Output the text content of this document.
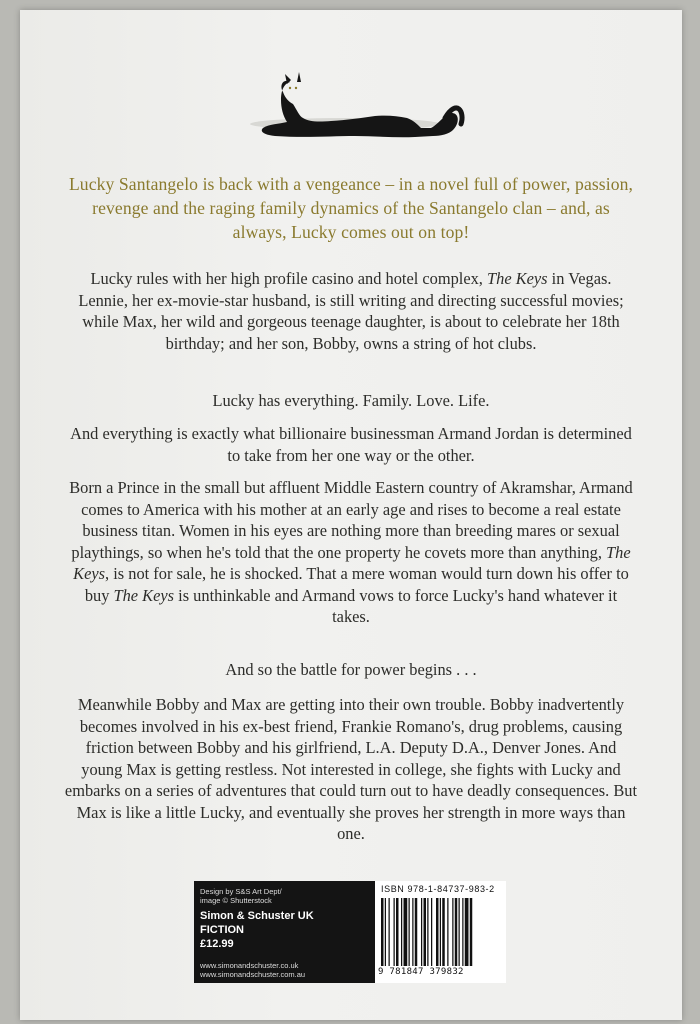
Lucky Santangelo is back with a vengeance – in a novel full of power, passion, revenge and the raging family dynamics of the Santangelo clan – and, as always, Lucky comes out on top!
Lucky rules with her high profile casino and hotel complex, The Keys in Vegas. Lennie, her ex-movie-star husband, is still writing and directing successful movies; while Max, her wild and gorgeous teenage daughter, is about to celebrate her 18th birthday; and her son, Bobby, owns a string of hot clubs.
Lucky has everything. Family. Love. Life.
And everything is exactly what billionaire businessman Armand Jordan is determined to take from her one way or the other.
Born a Prince in the small but affluent Middle Eastern country of Akramshar, Armand comes to America with his mother at an early age and rises to become a real estate business titan. Women in his eyes are nothing more than breeding mares or sexual playthings, so when he's told that the one property he covets more than anything, The Keys, is not for sale, he is shocked. That a mere woman would turn down his offer to buy The Keys is unthinkable and Armand vows to force Lucky's hand whatever it takes.
And so the battle for power begins . . .
Meanwhile Bobby and Max are getting into their own trouble. Bobby inadvertently becomes involved in his ex-best friend, Frankie Romano's, drug problems, causing friction between Bobby and his girlfriend, L.A. Deputy D.A., Denver Jones. And young Max is getting restless. Not interested in college, she fights with Lucky and embarks on a series of adventures that could turn out to have deadly consequences. But Max is like a little Lucky, and eventually she proves her strength in more ways than one.
Design by S&S Art Dept/
image © Shutterstock
Simon & Schuster UK
FICTION
£12.99
www.simonandschuster.co.uk
www.simonandschuster.com.au
ISBN 978-1-84737-983-2
9 781847 379832
